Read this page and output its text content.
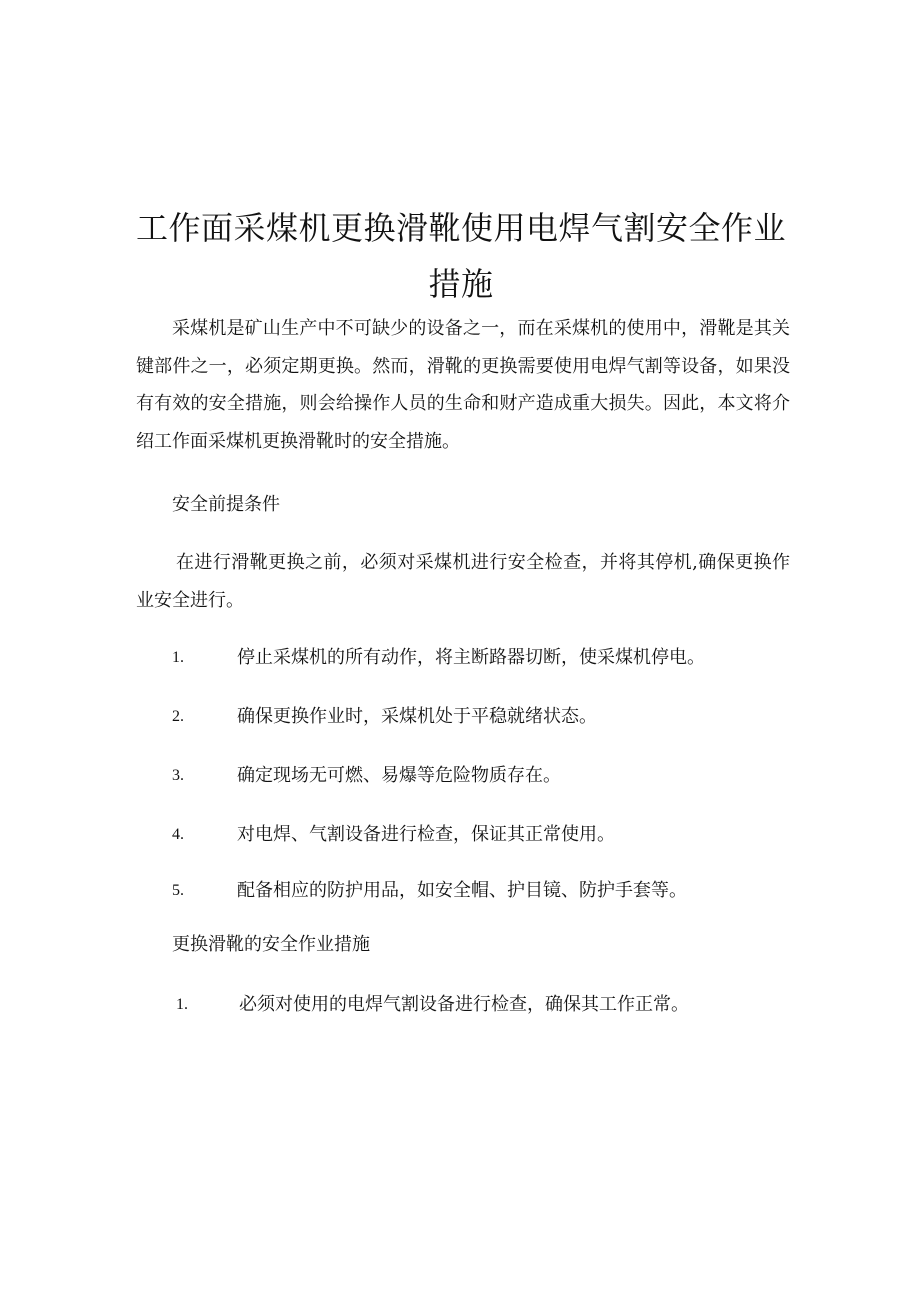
工作面采煤机更换滑靴使用电焊气割安全作业措施

采煤机是矿山生产中不可缺少的设备之一，而在采煤机的使用中，滑靴是其关键部件之一，必须定期更换。然而，滑靴的更换需要使用电焊气割等设备，如果没有有效的安全措施，则会给操作人员的生命和财产造成重大损失。因此，本文将介绍工作面采煤机更换滑靴时的安全措施。

安全前提条件

在进行滑靴更换之前，必须对采煤机进行安全检查，并将其停机,确保更换作业安全进行。

1.	停止采煤机的所有动作，将主断路器切断，使采煤机停电。
2.	确保更换作业时，采煤机处于平稳就绪状态。
3.	确定现场无可燃、易爆等危险物质存在。
4.	对电焊、气割设备进行检查，保证其正常使用。
5.	配备相应的防护用品，如安全帽、护目镜、防护手套等。

更换滑靴的安全作业措施

1.	必须对使用的电焊气割设备进行检查，确保其工作正常。
